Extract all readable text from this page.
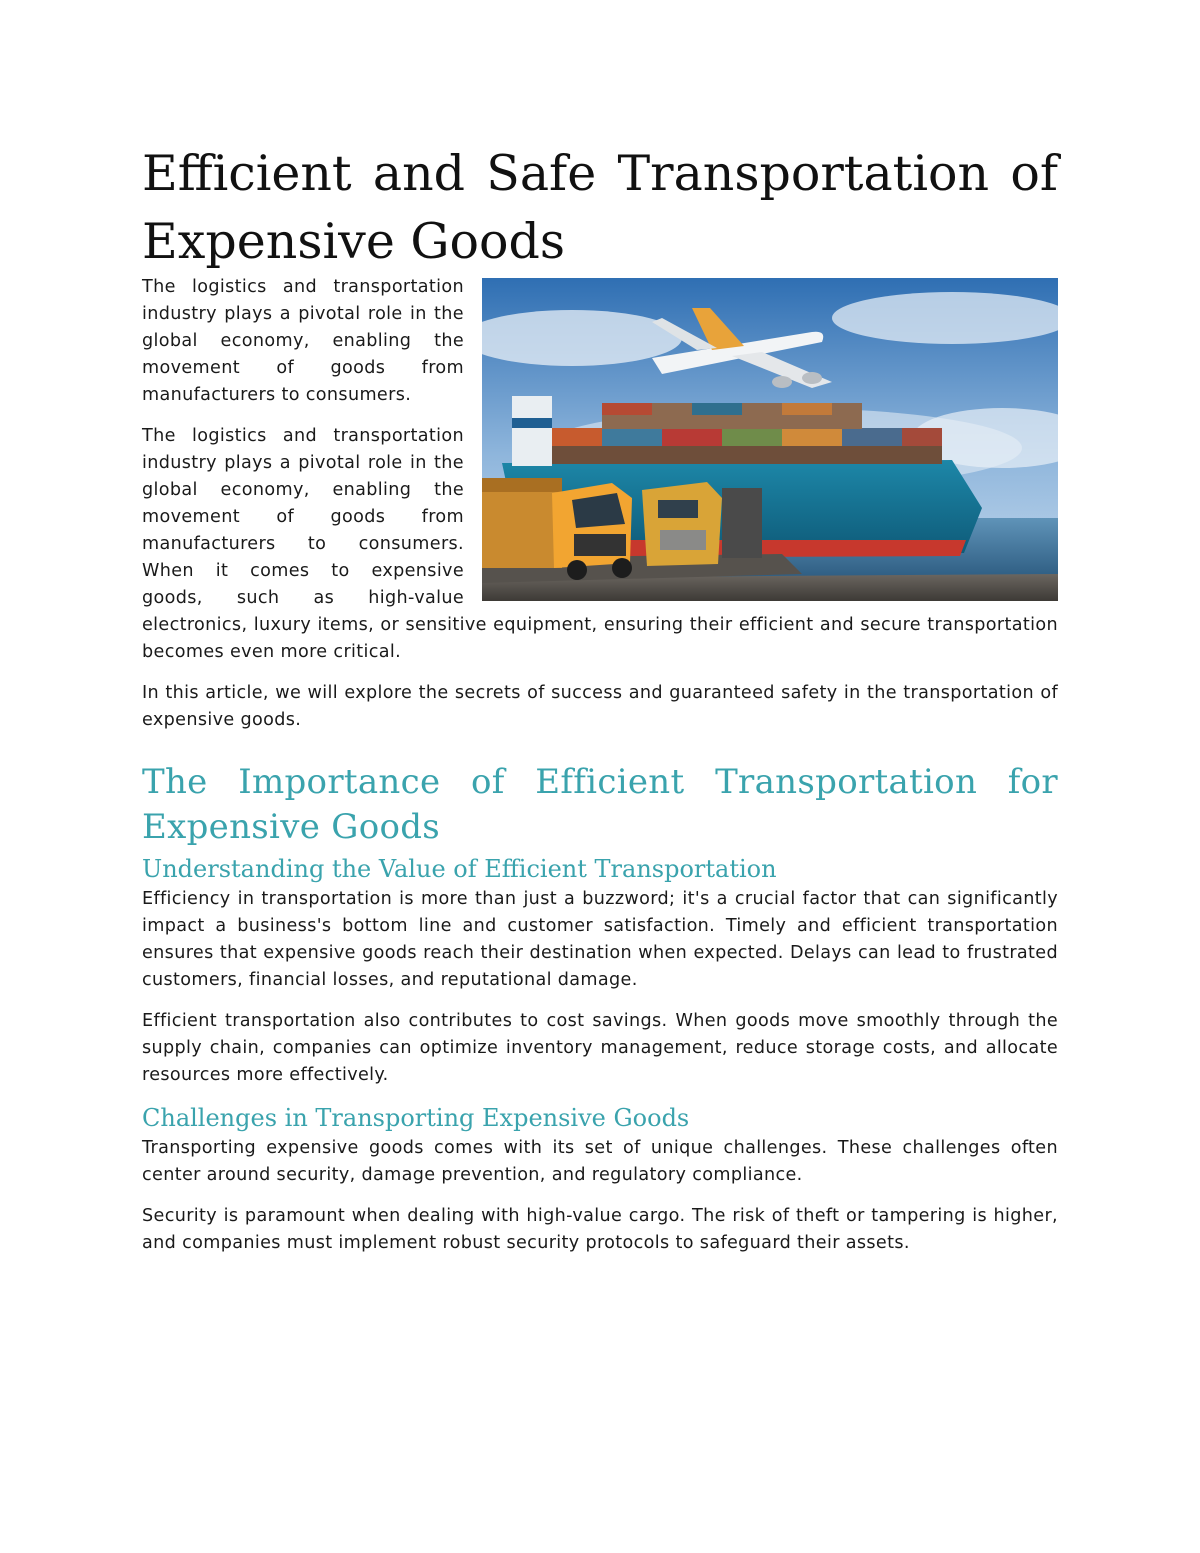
Efficient and Safe Transportation of Expensive Goods

The logistics and transportation industry plays a pivotal role in the global economy, enabling the movement of goods from manufacturers to consumers.

The logistics and transportation industry plays a pivotal role in the global economy, enabling the movement of goods from manufacturers to consumers. When it comes to expensive goods, such as high-value electronics, luxury items, or sensitive equipment, ensuring their efficient and secure transportation becomes even more critical.

In this article, we will explore the secrets of success and guaranteed safety in the transportation of expensive goods.

The Importance of Efficient Transportation for Expensive Goods
Understanding the Value of Efficient Transportation

Efficiency in transportation is more than just a buzzword; it's a crucial factor that can significantly impact a business's bottom line and customer satisfaction. Timely and efficient transportation ensures that expensive goods reach their destination when expected. Delays can lead to frustrated customers, financial losses, and reputational damage.

Efficient transportation also contributes to cost savings. When goods move smoothly through the supply chain, companies can optimize inventory management, reduce storage costs, and allocate resources more effectively.

Challenges in Transporting Expensive Goods

Transporting expensive goods comes with its set of unique challenges. These challenges often center around security, damage prevention, and regulatory compliance.

Security is paramount when dealing with high-value cargo. The risk of theft or tampering is higher, and companies must implement robust security protocols to safeguard their assets.
